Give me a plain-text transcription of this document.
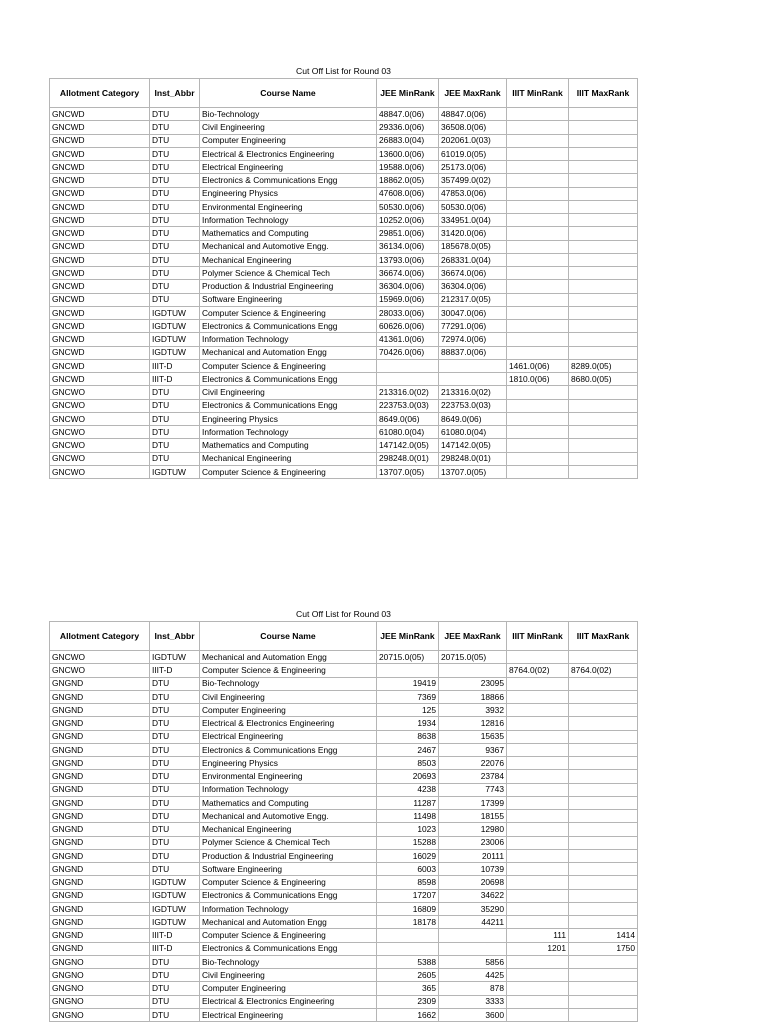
Cut Off List for Round 03
Allotment Category	Inst_Abbr	Course Name	JEE MinRank	JEE MaxRank	IIIT MinRank	IIIT MaxRank
GNCWD	DTU	Bio-Technology	48847.0(06)	48847.0(06)		
GNCWD	DTU	Civil Engineering	29336.0(06)	36508.0(06)		
GNCWD	DTU	Computer Engineering	26883.0(04)	202061.0(03)		
GNCWD	DTU	Electrical & Electronics Engineering	13600.0(06)	61019.0(05)		
GNCWD	DTU	Electrical Engineering	19588.0(06)	25173.0(06)		
GNCWD	DTU	Electronics & Communications Engg	18862.0(05)	357499.0(02)		
GNCWD	DTU	Engineering Physics	47608.0(06)	47853.0(06)		
GNCWD	DTU	Environmental Engineering	50530.0(06)	50530.0(06)		
GNCWD	DTU	Information Technology	10252.0(06)	334951.0(04)		
GNCWD	DTU	Mathematics and Computing	29851.0(06)	31420.0(06)		
GNCWD	DTU	Mechanical and Automotive Engg.	36134.0(06)	185678.0(05)		
GNCWD	DTU	Mechanical Engineering	13793.0(06)	268331.0(04)		
GNCWD	DTU	Polymer Science & Chemical Tech	36674.0(06)	36674.0(06)		
GNCWD	DTU	Production & Industrial Engineering	36304.0(06)	36304.0(06)		
GNCWD	DTU	Software Engineering	15969.0(06)	212317.0(05)		
GNCWD	IGDTUW	Computer Science & Engineering	28033.0(06)	30047.0(06)		
GNCWD	IGDTUW	Electronics & Communications Engg	60626.0(06)	77291.0(06)		
GNCWD	IGDTUW	Information Technology	41361.0(06)	72974.0(06)		
GNCWD	IGDTUW	Mechanical and Automation Engg	70426.0(06)	88837.0(06)		
GNCWD	IIIT-D	Computer Science & Engineering			1461.0(06)	8289.0(05)
GNCWD	IIIT-D	Electronics & Communications Engg			1810.0(06)	8680.0(05)
GNCWO	DTU	Civil Engineering	213316.0(02)	213316.0(02)		
GNCWO	DTU	Electronics & Communications Engg	223753.0(03)	223753.0(03)		
GNCWO	DTU	Engineering Physics	8649.0(06)	8649.0(06)		
GNCWO	DTU	Information Technology	61080.0(04)	61080.0(04)		
GNCWO	DTU	Mathematics and Computing	147142.0(05)	147142.0(05)		
GNCWO	DTU	Mechanical Engineering	298248.0(01)	298248.0(01)		
GNCWO	IGDTUW	Computer Science & Engineering	13707.0(05)	13707.0(05)		
Cut Off List for Round 03
Allotment Category	Inst_Abbr	Course Name	JEE MinRank	JEE MaxRank	IIIT MinRank	IIIT MaxRank
GNCWO	IGDTUW	Mechanical and Automation Engg	20715.0(05)	20715.0(05)		
GNCWO	IIIT-D	Computer Science & Engineering			8764.0(02)	8764.0(02)
GNGND	DTU	Bio-Technology	19419	23095		
GNGND	DTU	Civil Engineering	7369	18866		
GNGND	DTU	Computer Engineering	125	3932		
GNGND	DTU	Electrical & Electronics Engineering	1934	12816		
GNGND	DTU	Electrical Engineering	8638	15635		
GNGND	DTU	Electronics & Communications Engg	2467	9367		
GNGND	DTU	Engineering Physics	8503	22076		
GNGND	DTU	Environmental Engineering	20693	23784		
GNGND	DTU	Information Technology	4238	7743		
GNGND	DTU	Mathematics and Computing	11287	17399		
GNGND	DTU	Mechanical and Automotive Engg.	11498	18155		
GNGND	DTU	Mechanical Engineering	1023	12980		
GNGND	DTU	Polymer Science & Chemical Tech	15288	23006		
GNGND	DTU	Production & Industrial Engineering	16029	20111		
GNGND	DTU	Software Engineering	6003	10739		
GNGND	IGDTUW	Computer Science & Engineering	8598	20698		
GNGND	IGDTUW	Electronics & Communications Engg	17207	34622		
GNGND	IGDTUW	Information Technology	16809	35290		
GNGND	IGDTUW	Mechanical and Automation Engg	18178	44211		
GNGND	IIIT-D	Computer Science & Engineering			111	1414
GNGND	IIIT-D	Electronics & Communications Engg			1201	1750
GNGNO	DTU	Bio-Technology	5388	5856		
GNGNO	DTU	Civil Engineering	2605	4425		
GNGNO	DTU	Computer Engineering	365	878		
GNGNO	DTU	Electrical & Electronics Engineering	2309	3333		
GNGNO	DTU	Electrical Engineering	1662	3600		
